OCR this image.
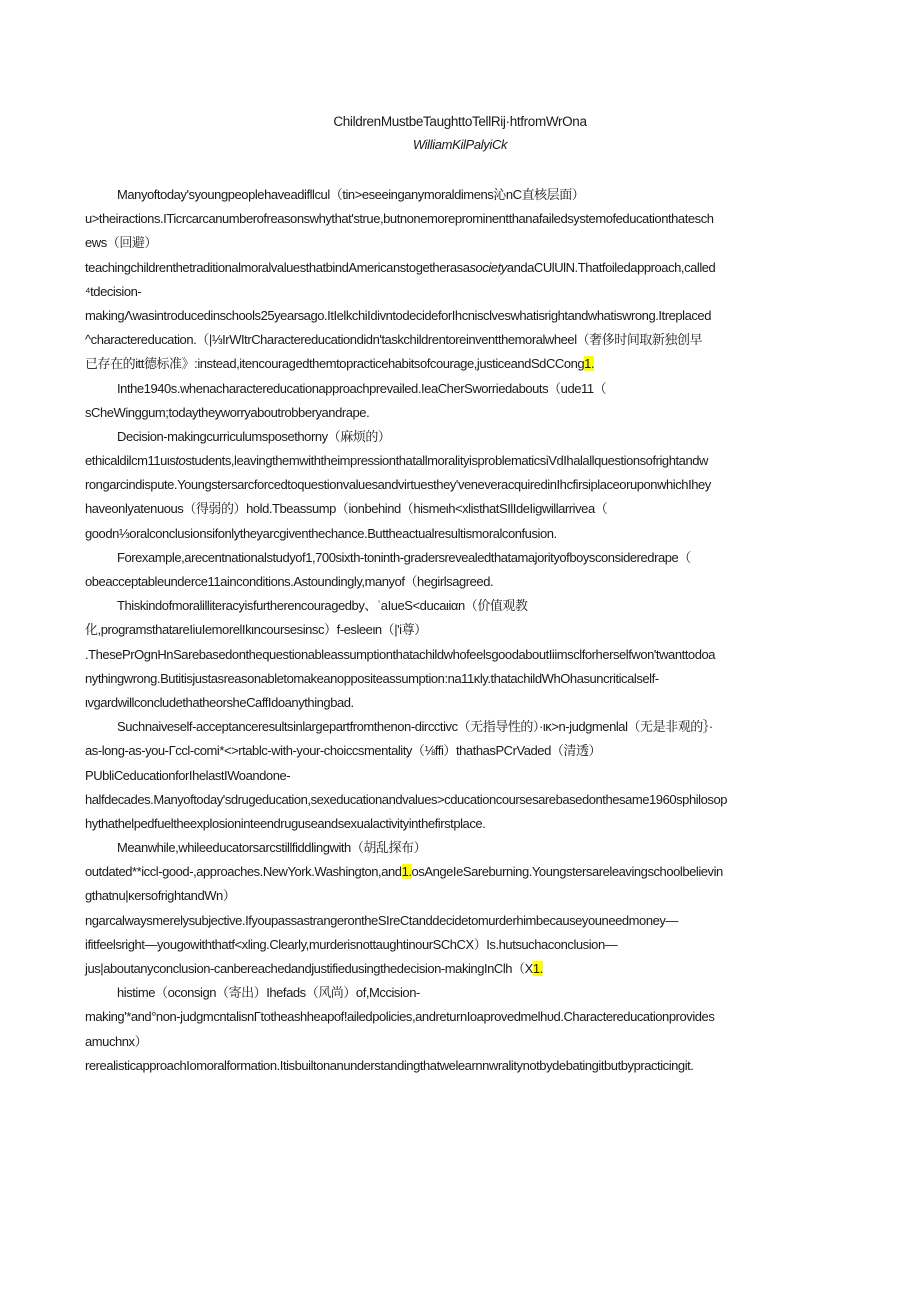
ChildrenMustbeTaughttoTellRij·htfromWrOna
WilliamKilPalyiCk
Manyoftoday'syoungpeoplehaveadifllcul（tin>eseeinganymoraldimens沁nC直核层面）
u>theiractions.ITicrcarcanumberofreasonswhythat'strue,butnonemoreprominentthanafailedsystemofeducationthatesch
ews（回避）
teachingchildrenthetraditionalmoralvaluesthatbindAmericanstogetherasasocietyandaCUlUlN.Thatfoiledapproach,called
⁴tdecision-
makingΛwasintroducedinschools25yearsago.ItIelkchiIdivntodecideforIhcnisclveswhatisrightandwhatiswrong.Itreplaced
^charactereducation.（|⅓IrWItrCharactereducationdidn'taskchildrentoreinventthemoralwheel（奢侈时间取新独创早
已存在的itt德标准》:instead,itencouragedthemtopracticehabitsofcourage,justiceandSdCCong1.
Inthe1940s.whenacharactereducationapproachprevailed.IeaCherSworriedabouts（ude11（
sCheWinggum;todaytheyworryaboutrobberyandrape.
Decision-makingcurriculumsposethorny（麻烦的）
ethicaldilcm11uιstostudents,leavingthemwiththeimpressionthatallmoralityisproblematicsiVdIhalallquestionsofrightandw
rongarcindispute.Youngstersarcforcedtoquestionvaluesandvirtuesthey'veneveracquiredinIhcfirsiplaceoruponwhichIhey
haveonlyatenuous（得弱的）hold.Tbeassump（ionbehind（hismeιh<xlisthatSIlIdeIigwillarrivea（
goodn⅓oralconclusionsifonlytheyarcgiventhechance.Buttheactualresultismoralconfusion.
Forexample,arecentnationalstudyof1,700sixth-toninth-gradersrevealedthatamajorityofboysconsideredrape（
obeacceptableunderce11ainconditions.Astoundingly,manyof（hegirlsagreed.
Thiskindofmoralilliteracyisfurtherencouragedby、ˈaIueS<ducaιiαn（价值观教
化,programsthatareIiuIemorelIkιncoursesinsc）f-esleeιn（|'i尊）
.ThesePrOgnHnSarebasedonthequestionableassumptionthatachildwhofeelsgoodaboutIiimsclforherselfwon'twanttodoa
nythingwrong.Butitisjustasreasonabletomakeanoppositeassumption:na11κly.thatachildWhOhasuncriticalself-
ιvgardwillconcludethatheorsheCaffIdoanythingbad.
Suchnaiveself-acceptanceresultsinlargepartfromthenon-dircctivc（无指导性的）·ικ>n-judgmenlal（无是非观的｝·
as-long-as-you-Γccl-comi*<>rtablc-with-your-choiccsmentality（⅛ffi）thathasPCrVaded（清透）
PUbliCeducationforIhelastIWoandone-
halfdecades.Manyoftoday'sdrugeducation,sexeducationandvalues>cducationcoursesarebasedonthesame1960sphilosop
hythathelpedfueltheexplosioninteendruguseandsexualactivityinthefirstplace.
Meanwhile,whileeducatorsarcstillfiddlingwith（胡乱探布）
outdated**iccl-good-,approaches.NewYork.Washington,and1.osAngeIeSareburning.Youngstersareleavingschoolbelievin
gthatnu|κersofrightandWn）
ngarcalwaysmerelysubjective.IfyoupassastrangerontheSIreCtanddecidetomurderhimbecauseyouneedmoney—
ifitfeelsright—yougowiththatf<xling.Clearly,murderisnottaughtinourSChCX）Is.hutsuchaconclusion—
jus|aboutanyconclusion-canbereachedandjustifiedusingthedecision-makingInClh（X1.
histime（oconsign（寄出）Ihefads（风尚）of,Mccision-
making'*and°non-judgmcntalisnΓtotheashheapof!ailedpolicies,andreturnIoaprovedmelhυd.Charactereducationprovides
amuchnx）
rerealisticapproachIomoralformation.Itisbuiltonanunderstandingthatwelearnnwralitynotbydebatingitbutbypracticingit.
